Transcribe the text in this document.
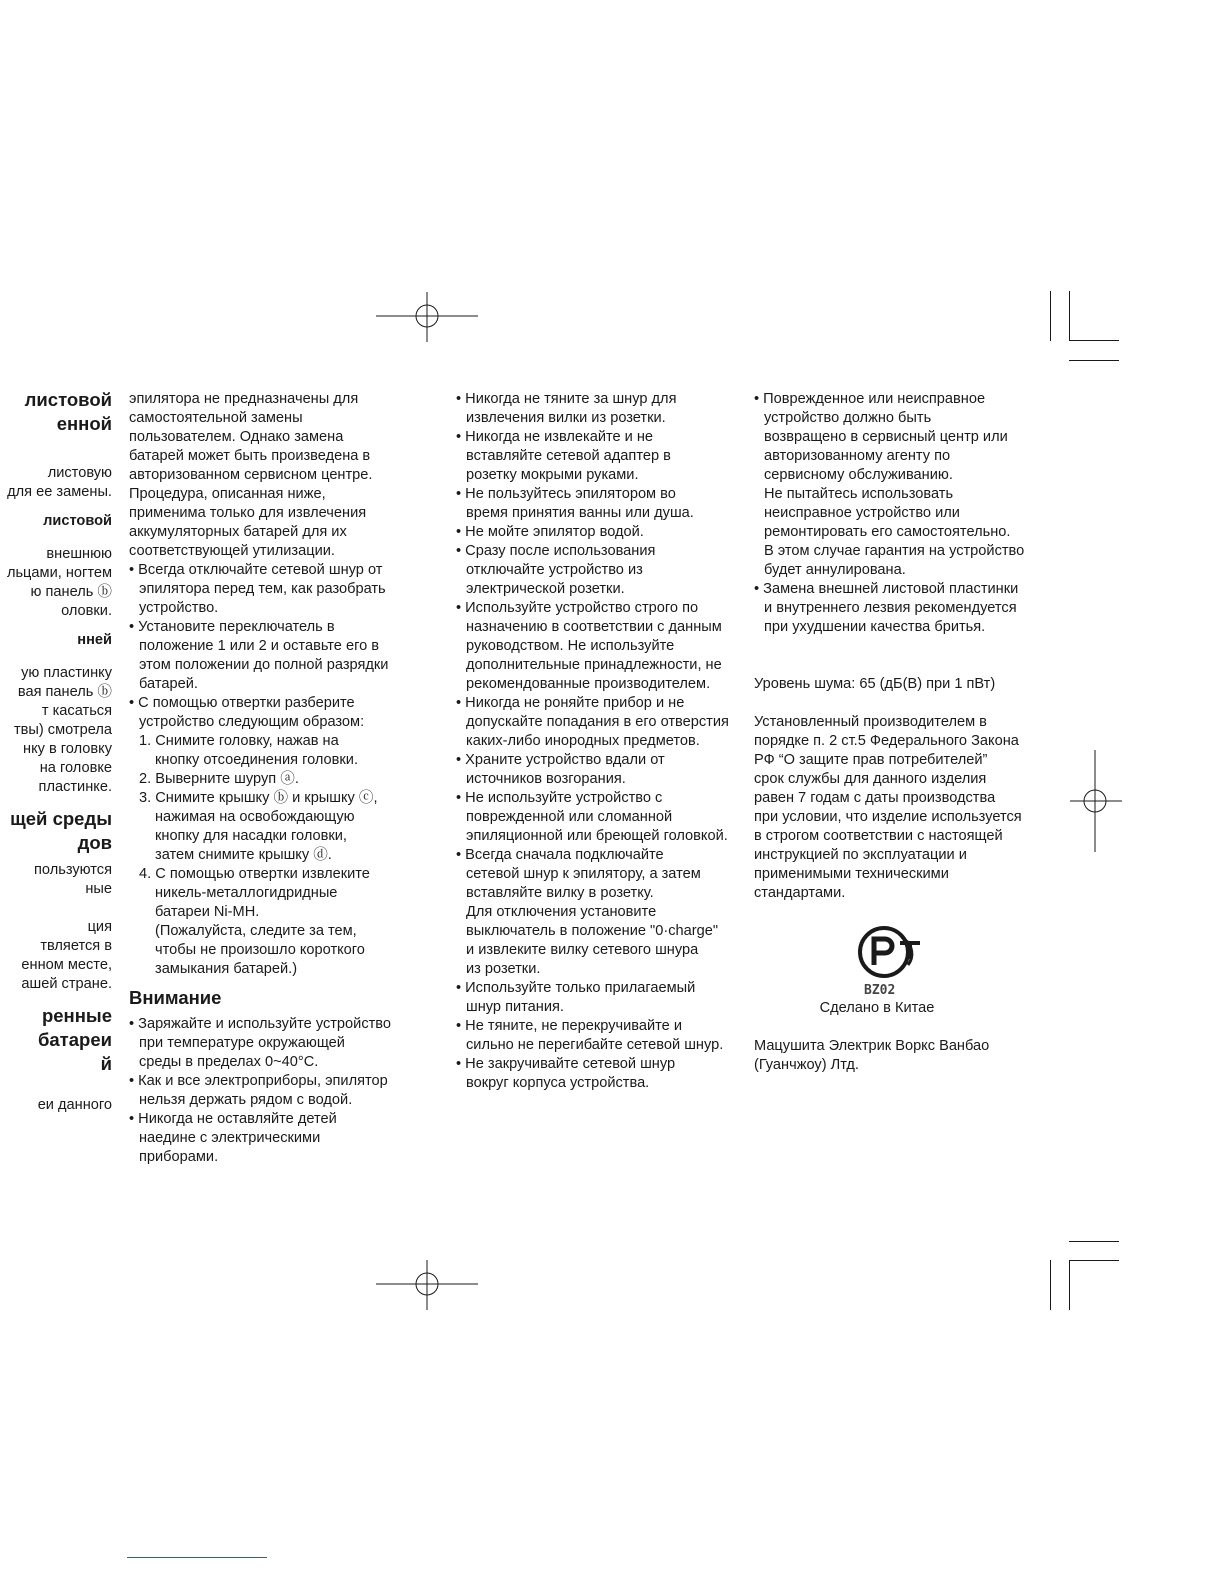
листовой
енной
листовую
для ее замены.
листовой
внешнюю
льцами, ногтем
ю панель ⓑ
оловки.
нней
ую пластинку
вая панель ⓑ
т касаться
твы) смотрела
нку в головку
на головке
пластинке.
щей среды
дов
пользуются
ные
ция
твляется в
енном месте,
ашей стране.
ренные
батареи
й
еи данного

эпилятора не предназначены для

самостоятельной замены

пользователем. Однако замена

батарей может быть произведена в

авторизованном сервисном центре.

Процедура, описанная ниже,

применима только для извлечения

аккумуляторных батарей для их

соответствующей утилизации.

• Всегда отключайте сетевой шнур от

эпилятора перед тем, как разобрать

устройство.

• Установите переключатель в

положение 1 или 2 и оставьте его в

этом положении до полной разрядки

батарей.

• С помощью отвертки разберите

устройство следующим образом:

1. Снимите головку, нажав на

кнопку отсоединения головки.

2. Выверните шуруп ⓐ.

3. Снимите крышку ⓑ и крышку ⓒ,

нажимая на освобождающую

кнопку для насадки головки,

затем снимите крышку ⓓ.

4. С помощью отвертки извлеките

никель-металлогидридные

батареи Ni-MH.

(Пожалуйста, следите за тем,

чтобы не произошло короткого

замыкания батарей.)

Внимание

• Заряжайте и используйте устройство

при температуре окружающей

среды в пределах 0~40°C.

• Как и все электроприборы, эпилятор

нельзя держать рядом с водой.

• Никогда не оставляйте детей

наедине с электрическими

приборами.

• Никогда не тяните за шнур для

извлечения вилки из розетки.

• Никогда не извлекайте и не

вставляйте сетевой адаптер в

розетку мокрыми руками.

• Не пользуйтесь эпилятором во

время принятия ванны или душа.

• Не мойте эпилятор водой.

• Сразу после использования

отключайте устройство из

электрической розетки.

• Используйте устройство строго по

назначению в соответствии с данным

руководством. Не используйте

дополнительные принадлежности, не

рекомендованные производителем.

• Никогда не роняйте прибор и не

допускайте попадания в его отверстия

каких-либо инородных предметов.

• Храните устройство вдали от

источников возгорания.

• Не используйте устройство с

поврежденной или сломанной

эпиляционной или бреющей головкой.

• Всегда сначала подключайте

сетевой шнур к эпилятору, а затем

вставляйте вилку в розетку.

Для отключения установите

выключатель в положение "0·charge"

и извлеките вилку сетевого шнура

из розетки.

• Используйте только прилагаемый

шнур питания.

• Не тяните, не перекручивайте и

сильно не перегибайте сетевой шнур.

• Не закручивайте сетевой шнур

вокруг корпуса устройства.

• Поврежденное или неисправное

устройство должно быть

возвращено в сервисный центр или

авторизованному агенту по

сервисному обслуживанию.

Не пытайтесь использовать

неисправное устройство или

ремонтировать его самостоятельно.

В этом случае гарантия на устройство

будет аннулирована.

• Замена внешней листовой пластинки

и внутреннего лезвия рекомендуется

при ухудшении качества бритья.

Уровень шума: 65 (дБ(B) при 1 пВт)

Установленный производителем в

порядке п. 2 ст.5 Федерального Закона

РФ “О защите прав потребителей”

срок службы для данного изделия

равен 7 годам с даты производства

при условии, что изделие используется

в строгом соответствии с настоящей

инструкцией по эксплуатации и

применимыми техническими

стандартами.

BZ02

Сделано в Китае

Мацушита Электрик Воркс Ванбао

(Гуанчжоу) Лтд.
